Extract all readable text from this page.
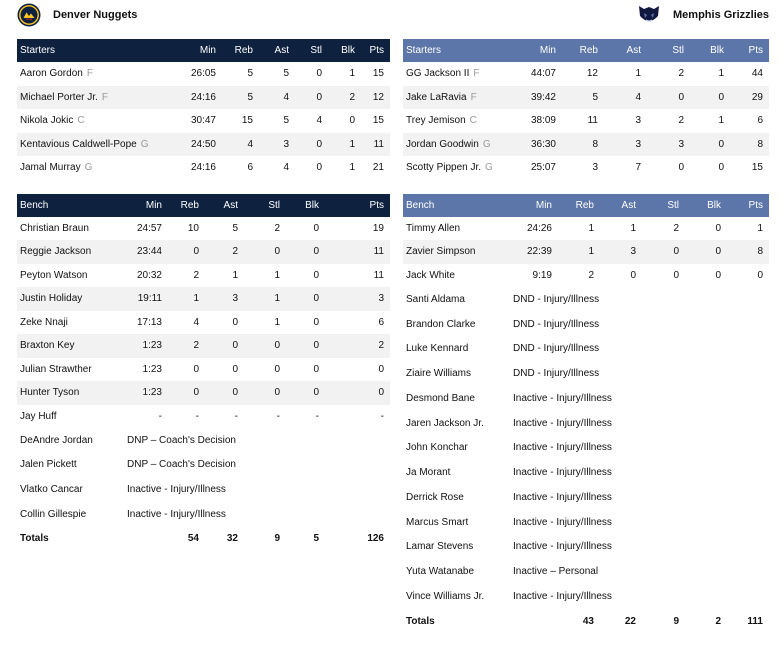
Denver Nuggets
Starters	Min	Reb	Ast	Stl	Blk	Pts
Aaron Gordon F	26:05	5	5	0	1	15
Michael Porter Jr. F	24:16	5	4	0	2	12
Nikola Jokic C	30:47	15	5	4	0	15
Kentavious Caldwell-Pope G	24:50	4	3	0	1	11
Jamal Murray G	24:16	6	4	0	1	21
Bench	Min	Reb	Ast	Stl	Blk	Pts
Christian Braun	24:57	10	5	2	0	19
Reggie Jackson	23:44	0	2	0	0	11
Peyton Watson	20:32	2	1	1	0	11
Justin Holiday	19:11	1	3	1	0	3
Zeke Nnaji	17:13	4	0	1	0	6
Braxton Key	1:23	2	0	0	0	2
Julian Strawther	1:23	0	0	0	0	0
Hunter Tyson	1:23	0	0	0	0	0
Jay Huff	-	-	-	-	-	-
DeAndre Jordan	DNP – Coach's Decision					
Jalen Pickett	DNP – Coach's Decision					
Vlatko Cancar	Inactive - Injury/Illness					
Collin Gillespie	Inactive - Injury/Illness					
Totals		54	32	9	5	126
Memphis Grizzlies
Starters	Min	Reb	Ast	Stl	Blk	Pts
GG Jackson II F	44:07	12	1	2	1	44
Jake LaRavia F	39:42	5	4	0	0	29
Trey Jemison C	38:09	11	3	2	1	6
Jordan Goodwin G	36:30	8	3	3	0	8
Scotty Pippen Jr. G	25:07	3	7	0	0	15
Bench	Min	Reb	Ast	Stl	Blk	Pts
Timmy Allen	24:26	1	1	2	0	1
Zavier Simpson	22:39	1	3	0	0	8
Jack White	9:19	2	0	0	0	0
Santi Aldama	DND - Injury/Illness					
Brandon Clarke	DND - Injury/Illness					
Luke Kennard	DND - Injury/Illness					
Ziaire Williams	DND - Injury/Illness					
Desmond Bane	Inactive - Injury/Illness					
Jaren Jackson Jr.	Inactive - Injury/Illness					
John Konchar	Inactive - Injury/Illness					
Ja Morant	Inactive - Injury/Illness					
Derrick Rose	Inactive - Injury/Illness					
Marcus Smart	Inactive - Injury/Illness					
Lamar Stevens	Inactive - Injury/Illness					
Yuta Watanabe	Inactive – Personal					
Vince Williams Jr.	Inactive - Injury/Illness					
Totals		43	22	9	2	111
